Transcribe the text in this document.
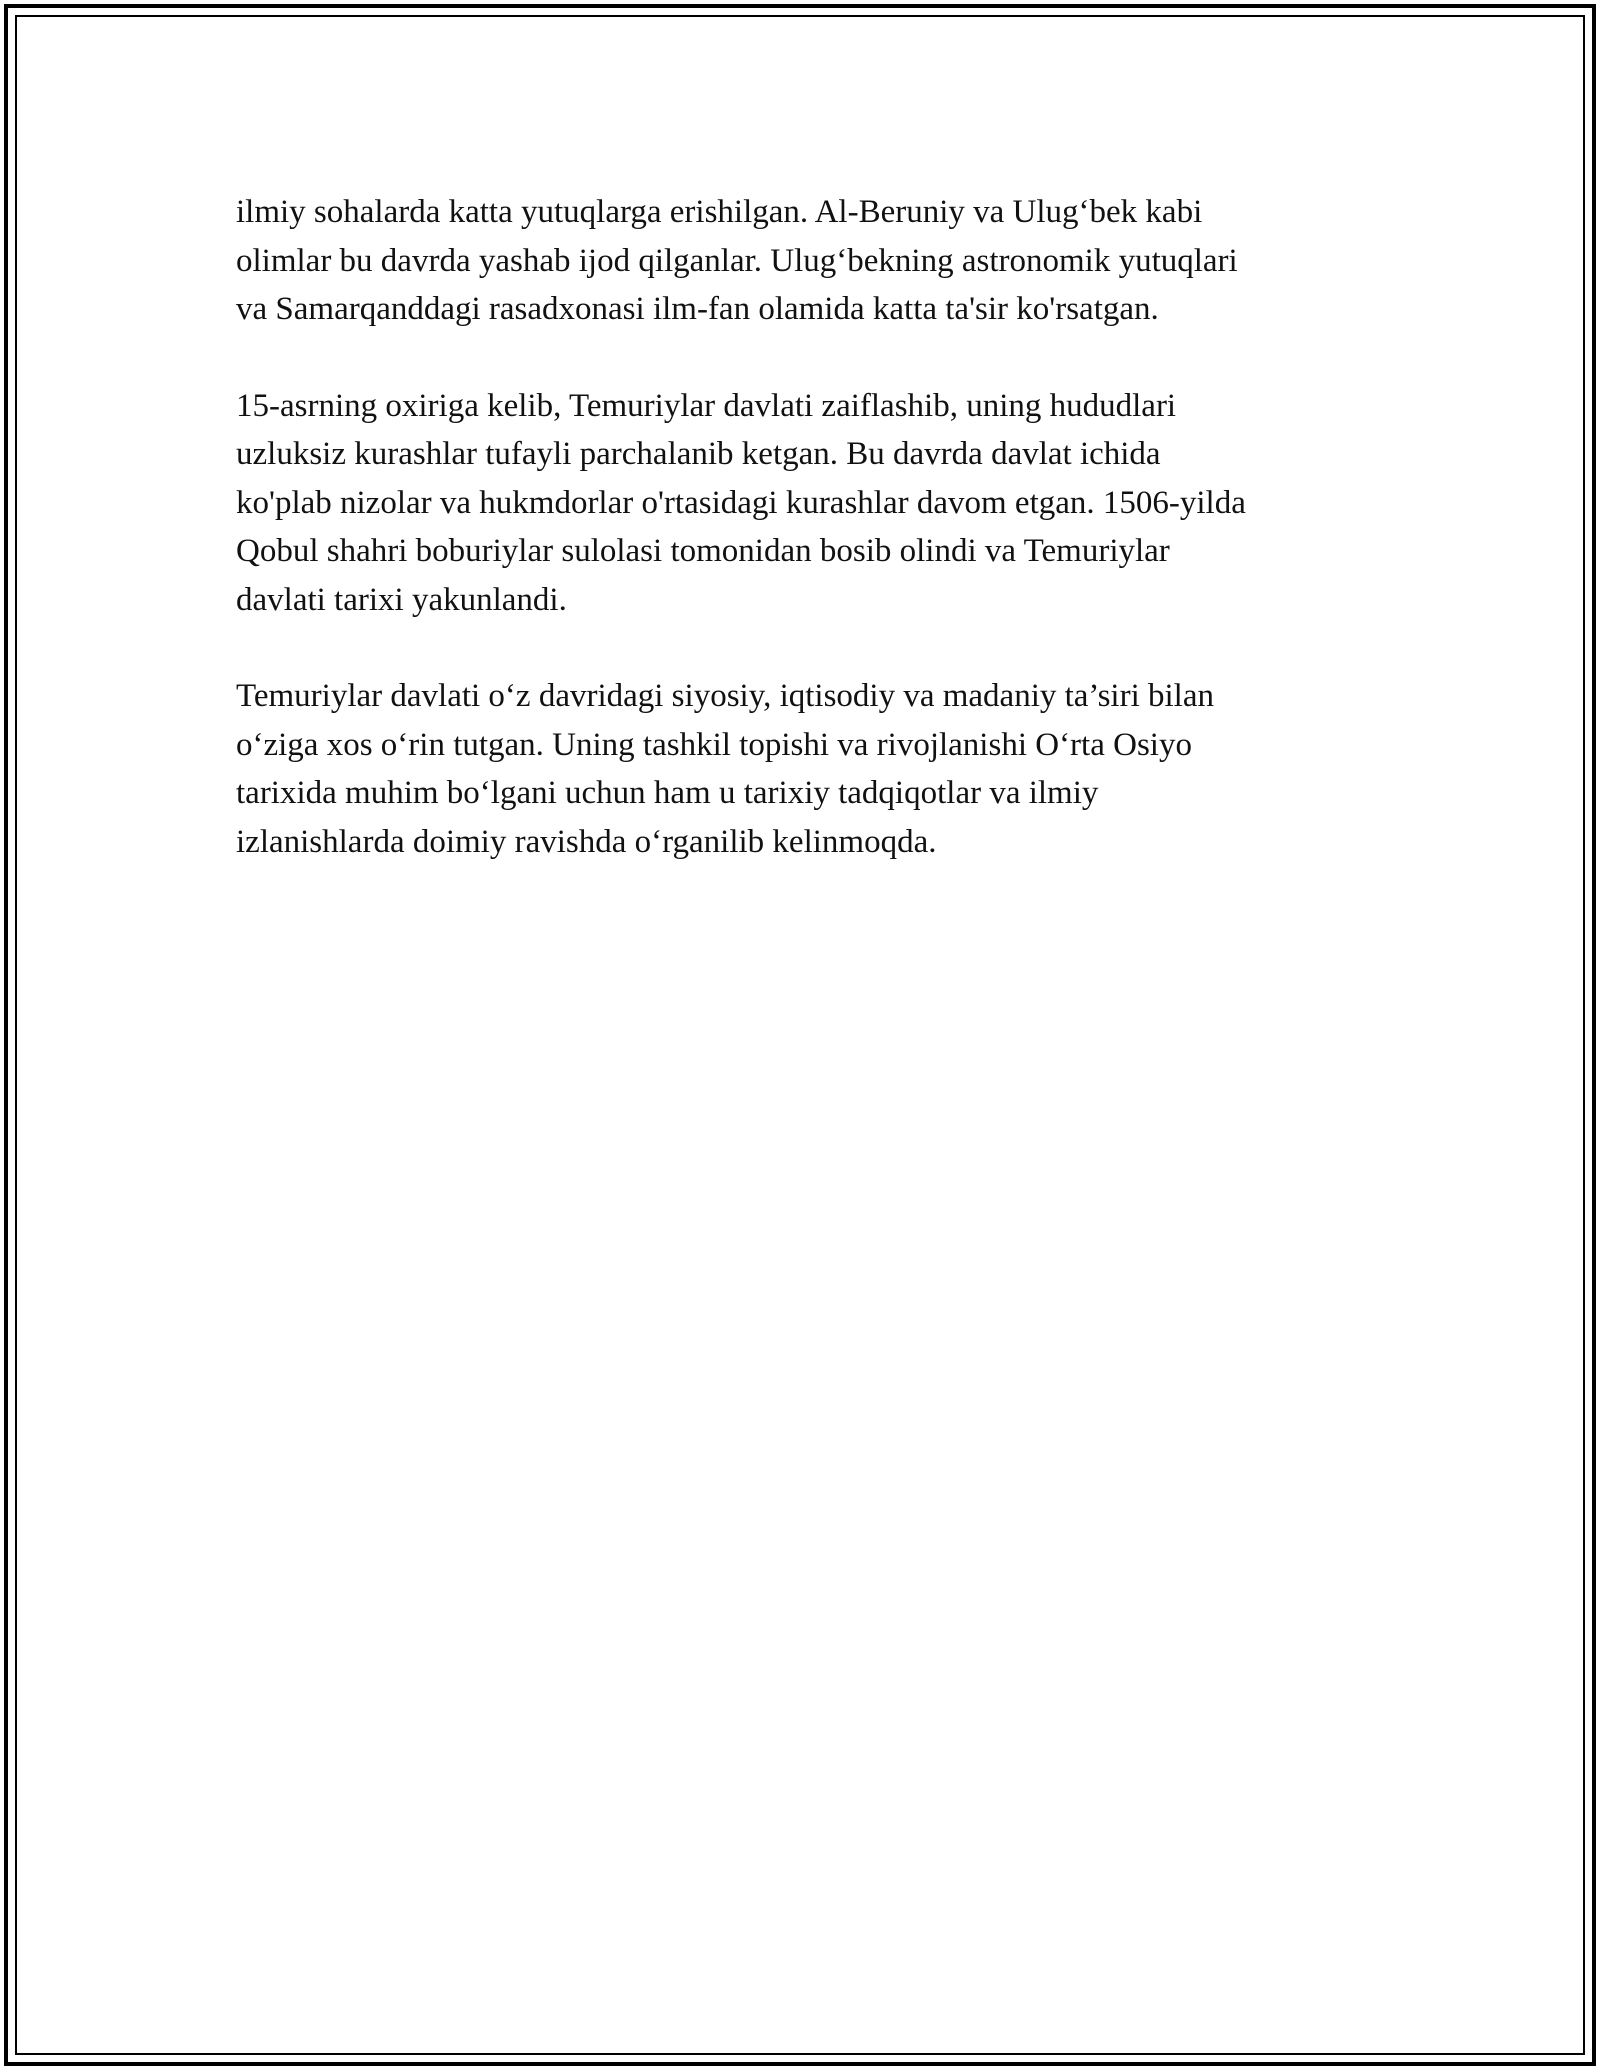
ilmiy sohalarda katta yutuqlarga erishilgan. Al-Beruniy va Ulug‘bek kabi
olimlar bu davrda yashab ijod qilganlar. Ulug‘bekning astronomik yutuqlari
va Samarqanddagi rasadxonasi ilm-fan olamida katta ta'sir ko'rsatgan.

15-asrning oxiriga kelib, Temuriylar davlati zaiflashib, uning hududlari
uzluksiz kurashlar tufayli parchalanib ketgan. Bu davrda davlat ichida
ko'plab nizolar va hukmdorlar o'rtasidagi kurashlar davom etgan. 1506-yilda
Qobul shahri boburiylar sulolasi tomonidan bosib olindi va Temuriylar
davlati tarixi yakunlandi.

Temuriylar davlati o‘z davridagi siyosiy, iqtisodiy va madaniy ta’siri bilan
o‘ziga xos o‘rin tutgan. Uning tashkil topishi va rivojlanishi O‘rta Osiyo
tarixida muhim bo‘lgani uchun ham u tarixiy tadqiqotlar va ilmiy
izlanishlarda doimiy ravishda o‘rganilib kelinmoqda.
